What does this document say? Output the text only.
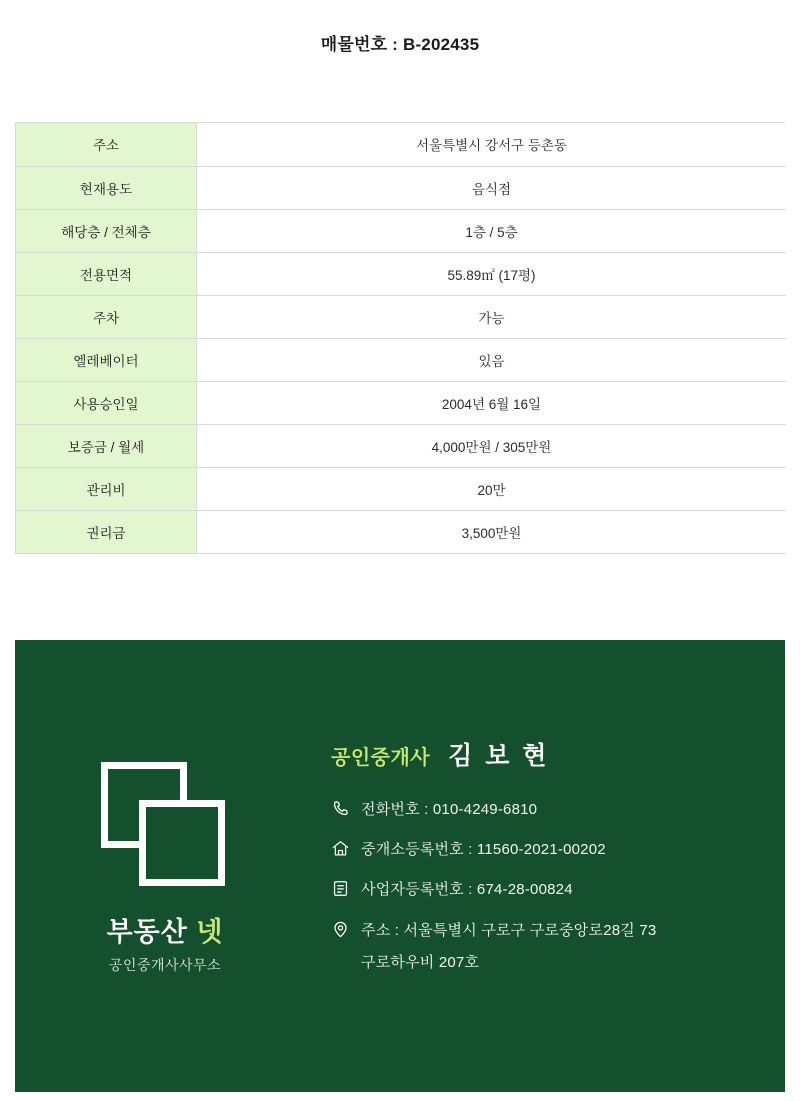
매물번호 : B-202435
주소	서울특별시 강서구 등촌동
현재용도	음식점
해당층 / 전체층	1층 / 5층
전용면적	55.89㎡ (17평)
주차	가능
엘레베이터	있음
사용승인일	2004년 6월 16일
보증금 / 월세	4,000만원 / 305만원
관리비	20만
권리금	3,500만원
부동산 넷
공인중개사사무소
공인중개사 김 보 현
전화번호 : 010-4249-6810
중개소등록번호 : 11560-2021-00202
사업자등록번호 : 674-28-00824
주소 : 서울특별시 구로구 구로중앙로28길 73
구로하우비 207호
